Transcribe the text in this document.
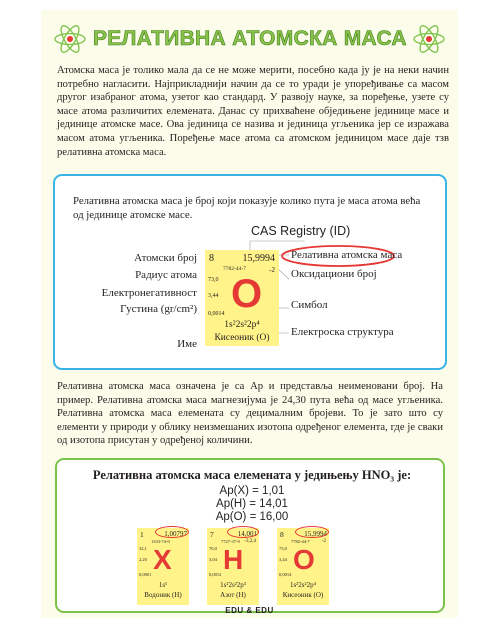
РЕЛАТИВНА АТОМСКА МАСА

Атомска маса је толико мала да се не може мерити, посебно када ју је на неки начин потребно нагласити. Најприкладнији начин да се то уради је упоређивање са масом другог изабраног атома, узетог као стандард. У развоју науке, за поређење, узете су масе атома различитих елемената. Данас су прихваћене обједињене јединице масе и јединице атомске масе. Ова јединица се назива и јединица угљеника јер се изражава масом атома угљеника. Поређење масе атома са атомском јединицом масе даје тзв релативна атомска маса.

Релативна атомска маса је број који показује колико пута је маса атома већа од јединице атомске масе.

CAS Registry (ID)
Атомски број
Радиус атома
Електронегативност
Густина (gr/cm²)
Име
Релативна атомска маса
Оксидациони број
Симбол
Електроска структура
8	15,9994
7782-44-7	-2
73,0
3,44
0,0014 O
1s²2s²2p⁴
Кисеоник (О)

Релативна атомска маса означена је са Ар и представља неименовани број. На пример. Релативна атомска маса магнезијума је 24,30 пута већа од масе угљеника. Релативна атомска маса елемената су децималним бројеви. То је зато што су елементи у природи у облику неизмешаних изотопа одређеног елемента, где је сваки од изотопа присутан у одређеној количини.

Релативна атомска маса елемената у једињењу HNO₃ је:
Ap(X) = 1,01
Ap(H) = 14,01
Ap(O) = 16,00
1	1,00797
1333-74-0
32,1
2,20
0,0001 X
1s¹
Водоник (Н)
7	14,001
7727-37-9 -3,2,4
70,0
3,04
0,0012 H
1s²2s²2p³
Азот (Н)
8	15,9994
7782-44-7 -2
73,0
3,44
0,0014 O
1s²2s²2p⁴
Кисеоник (О)
EDU & EDU
